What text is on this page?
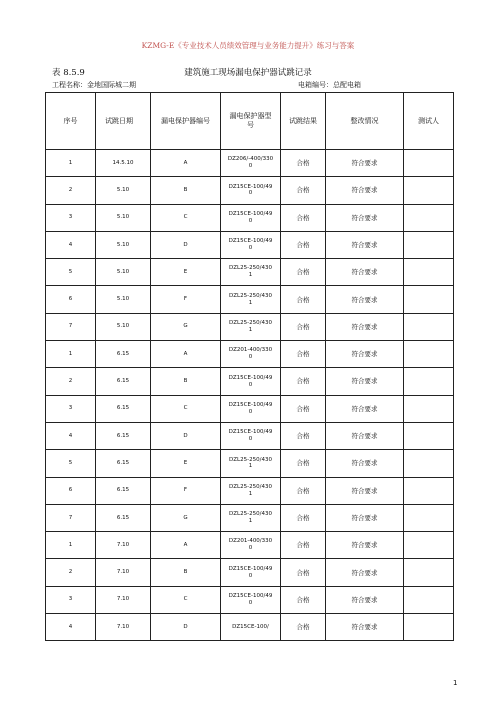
KZMG-E《专业技术人员绩效管理与业务能力提升》练习与答案
表 8.5.9	建筑施工现场漏电保护器试跳记录
工程名称：金地国际城二期	电箱编号：总配电箱
序号	试跳日期	漏电保护器编号	漏电保护器型号	试跳结果	整改情况	测试人
1	14.5.10	A	DZ206/-400/3300	合格	符合要求	
2	5.10	B	DZ15CE-100/490	合格	符合要求	
3	5.10	C	DZ15CE-100/490	合格	符合要求	
4	5.10	D	DZ15CE-100/490	合格	符合要求	
5	5.10	E	DZL25-250/4301	合格	符合要求	
6	5.10	F	DZL25-250/4301	合格	符合要求	
7	5.10	G	DZL25-250/4301	合格	符合要求	
1	6.15	A	DZ201-400/3300	合格	符合要求	
2	6.15	B	DZ15CE-100/490	合格	符合要求	
3	6.15	C	DZ15CE-100/490	合格	符合要求	
4	6.15	D	DZ15CE-100/490	合格	符合要求	
5	6.15	E	DZL25-250/4301	合格	符合要求	
6	6.15	F	DZL25-250/4301	合格	符合要求	
7	6.15	G	DZL25-250/4301	合格	符合要求	
1	7.10	A	DZ201-400/3300	合格	符合要求	
2	7.10	B	DZ15CE-100/490	合格	符合要求	
3	7.10	C	DZ15CE-100/490	合格	符合要求	
4	7.10	D	DZ15CE-100/	合格	符合要求	
1
